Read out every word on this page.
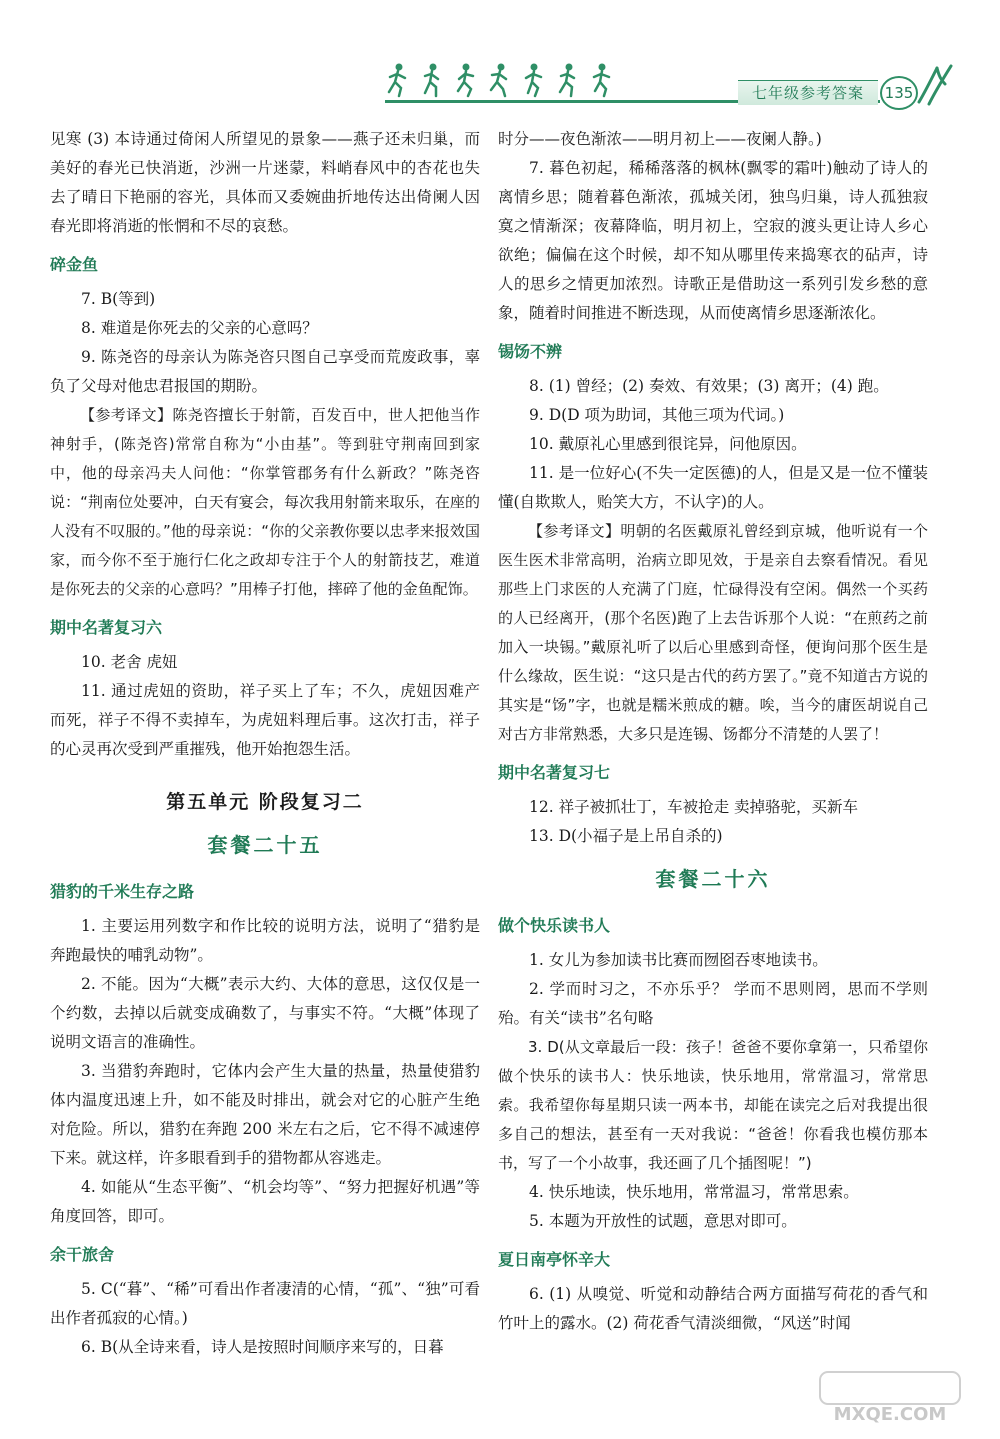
七年级参考答案	135

见寒 (3) 本诗通过倚闲人所望见的景象——燕子还未归巢，而美好的春光已快消逝，沙洲一片迷蒙，料峭春风中的杏花也失去了晴日下艳丽的容光，具体而又委婉曲折地传达出倚阑人因春光即将消逝的怅惘和不尽的哀愁。

碎金鱼

7. B(等到)

8. 难道是你死去的父亲的心意吗？

9. 陈尧咨的母亲认为陈尧咨只图自己享受而荒废政事，辜负了父母对他忠君报国的期盼。

【参考译文】陈尧咨擅长于射箭，百发百中，世人把他当作神射手，(陈尧咨)常常自称为“小由基”。等到驻守荆南回到家中，他的母亲冯夫人问他：“你掌管郡务有什么新政？”陈尧咨说：“荆南位处要冲，白天有宴会，每次我用射箭来取乐，在座的人没有不叹服的。”他的母亲说：“你的父亲教你要以忠孝来报效国家，而今你不至于施行仁化之政却专注于个人的射箭技艺，难道是你死去的父亲的心意吗？”用棒子打他，摔碎了他的金鱼配饰。

期中名著复习六

10. 老舍 虎妞

11. 通过虎妞的资助，祥子买上了车；不久，虎妞因难产而死，祥子不得不卖掉车，为虎妞料理后事。这次打击，祥子的心灵再次受到严重摧残，他开始抱怨生活。

第五单元 阶段复习二
套餐二十五
猎豹的千米生存之路

1. 主要运用列数字和作比较的说明方法，说明了“猎豹是奔跑最快的哺乳动物”。

2. 不能。因为“大概”表示大约、大体的意思，这仅仅是一个约数，去掉以后就变成确数了，与事实不符。“大概”体现了说明文语言的准确性。

3. 当猎豹奔跑时，它体内会产生大量的热量，热量使猎豹体内温度迅速上升，如不能及时排出，就会对它的心脏产生绝对危险。所以，猎豹在奔跑 200 米左右之后，它不得不减速停下来。就这样，许多眼看到手的猎物都从容逃走。

4. 如能从“生态平衡”、“机会均等”、“努力把握好机遇”等角度回答，即可。

余干旅舍

5. C(“暮”、“稀”可看出作者凄清的心情，“孤”、“独”可看出作者孤寂的心情。)

6. B(从全诗来看，诗人是按照时间顺序来写的，日暮

时分——夜色渐浓——明月初上——夜阑人静。)

7. 暮色初起，稀稀落落的枫林(飘零的霜叶)触动了诗人的离情乡思；随着暮色渐浓，孤城关闭，独鸟归巢，诗人孤独寂寞之情渐深；夜幕降临，明月初上，空寂的渡头更让诗人乡心欲绝；偏偏在这个时候，却不知从哪里传来捣寒衣的砧声，诗人的思乡之情更加浓烈。诗歌正是借助这一系列引发乡愁的意象，随着时间推进不断迭现，从而使离情乡思逐渐浓化。

锡饧不辨

8. (1) 曾经；(2) 奏效、有效果；(3) 离开；(4) 跑。

9. D(D 项为助词，其他三项为代词。)

10. 戴原礼心里感到很诧异，问他原因。

11. 是一位好心(不失一定医德)的人，但是又是一位不懂装懂(自欺欺人，贻笑大方，不认字)的人。

【参考译文】明朝的名医戴原礼曾经到京城，他听说有一个医生医术非常高明，治病立即见效，于是亲自去察看情况。看见那些上门求医的人充满了门庭，忙碌得没有空闲。偶然一个买药的人已经离开，(那个名医)跑了上去告诉那个人说：“在煎药之前加入一块锡。”戴原礼听了以后心里感到奇怪，便询问那个医生是什么缘故，医生说：“这只是古代的药方罢了。”竟不知道古方说的其实是“饧”字，也就是糯米煎成的糖。唉，当今的庸医胡说自己对古方非常熟悉，大多只是连锡、饧都分不清楚的人罢了！

期中名著复习七

12. 祥子被抓壮丁，车被抢走 卖掉骆驼，买新车

13. D(小福子是上吊自杀的)

套餐二十六
做个快乐读书人

1. 女儿为参加读书比赛而囫囵吞枣地读书。

2. 学而时习之，不亦乐乎？ 学而不思则罔，思而不学则殆。有关“读书”名句略

3. D(从文章最后一段：孩子！爸爸不要你拿第一，只希望你做个快乐的读书人：快乐地读，快乐地用，常常温习，常常思索。我希望你每星期只读一两本书，却能在读完之后对我提出很多自己的想法，甚至有一天对我说：“爸爸！你看我也模仿那本书，写了一个小故事，我还画了几个插图呢！”)

4. 快乐地读，快乐地用，常常温习，常常思索。

5. 本题为开放性的试题，意思对即可。

夏日南亭怀辛大

6. (1) 从嗅觉、听觉和动静结合两方面描写荷花的香气和竹叶上的露水。(2) 荷花香气清淡细微，“风送”时闻

MXQE.COM
